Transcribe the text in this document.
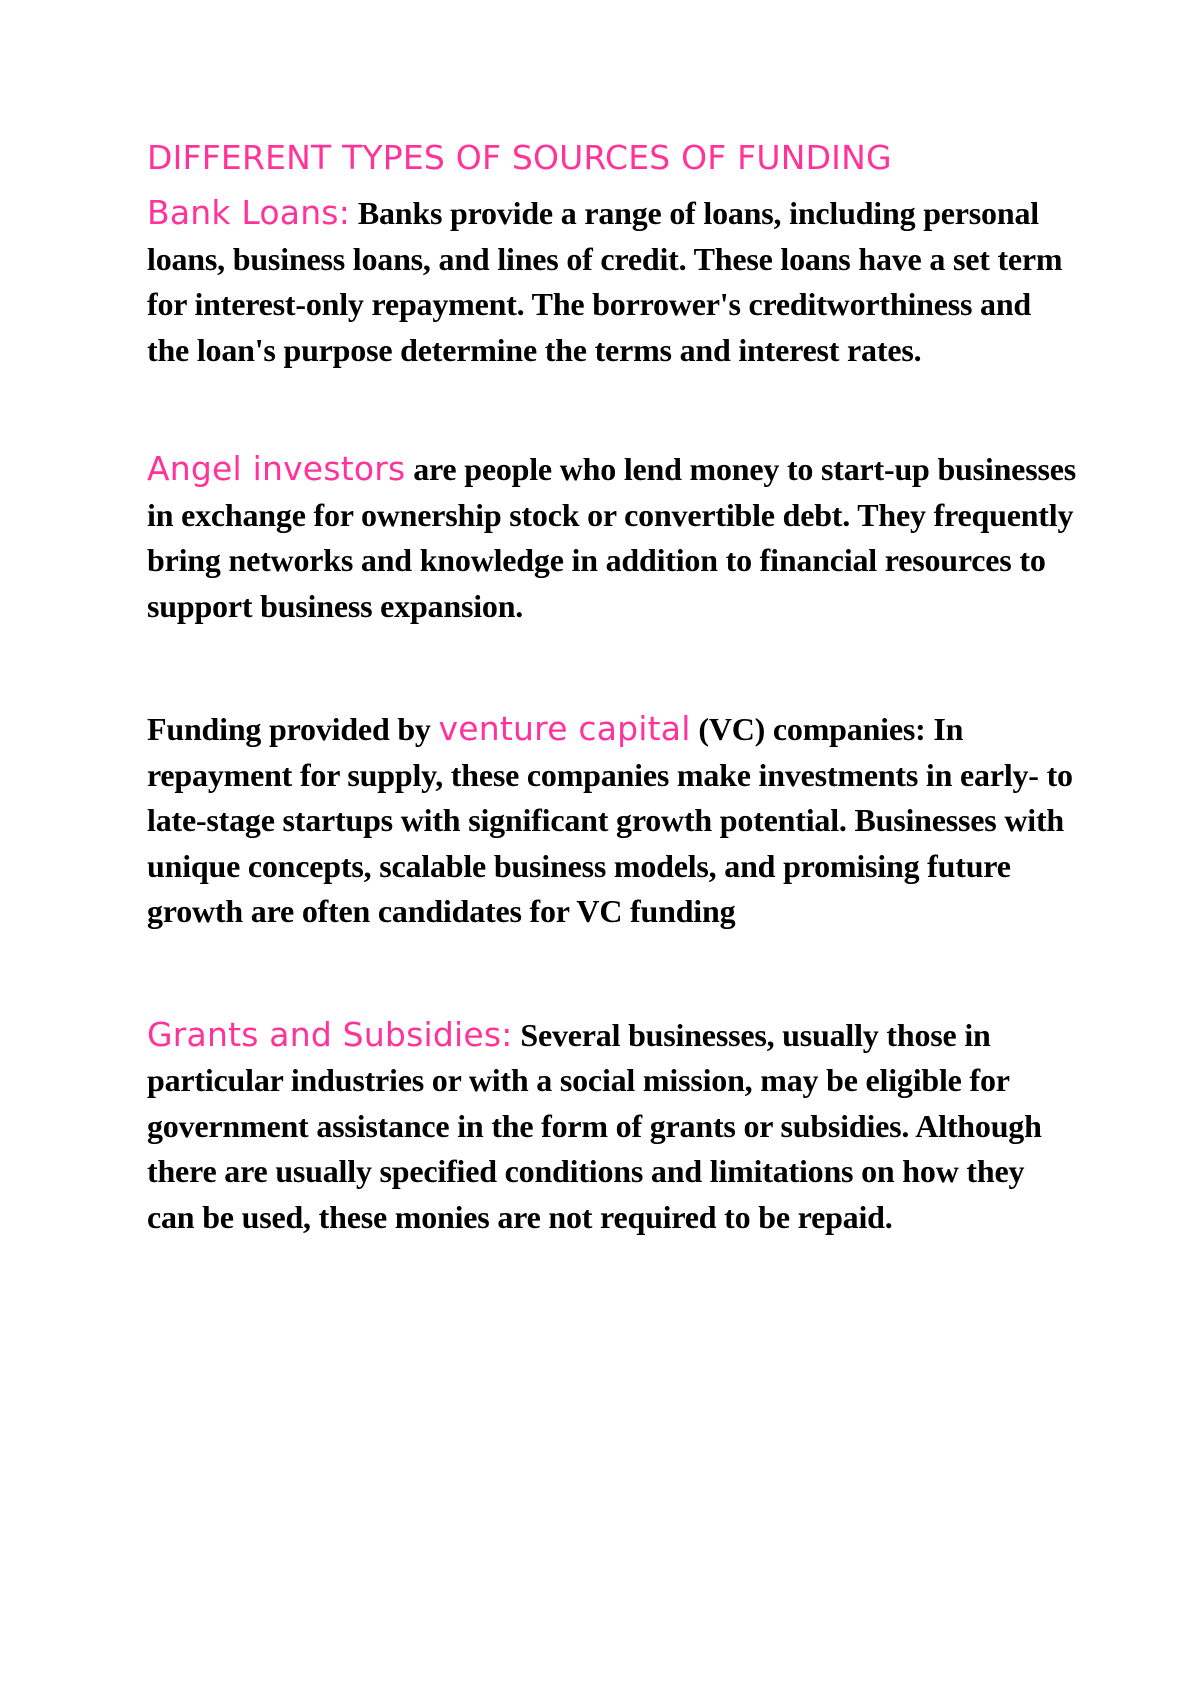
DIFFERENT TYPES OF SOURCES OF FUNDING

Bank Loans: Banks provide a range of loans, including personal loans, business loans, and lines of credit. These loans have a set term for interest-only repayment. The borrower's creditworthiness and the loan's purpose determine the terms and interest rates.

Angel investors are people who lend money to start-up businesses in exchange for ownership stock or convertible debt. They frequently bring networks and knowledge in addition to financial resources to support business expansion.

Funding provided by venture capital (VC) companies: In repayment for supply, these companies make investments in early- to late-stage startups with significant growth potential. Businesses with unique concepts, scalable business models, and promising future growth are often candidates for VC funding

Grants and Subsidies: Several businesses, usually those in particular industries or with a social mission, may be eligible for government assistance in the form of grants or subsidies. Although there are usually specified conditions and limitations on how they can be used, these monies are not required to be repaid.
